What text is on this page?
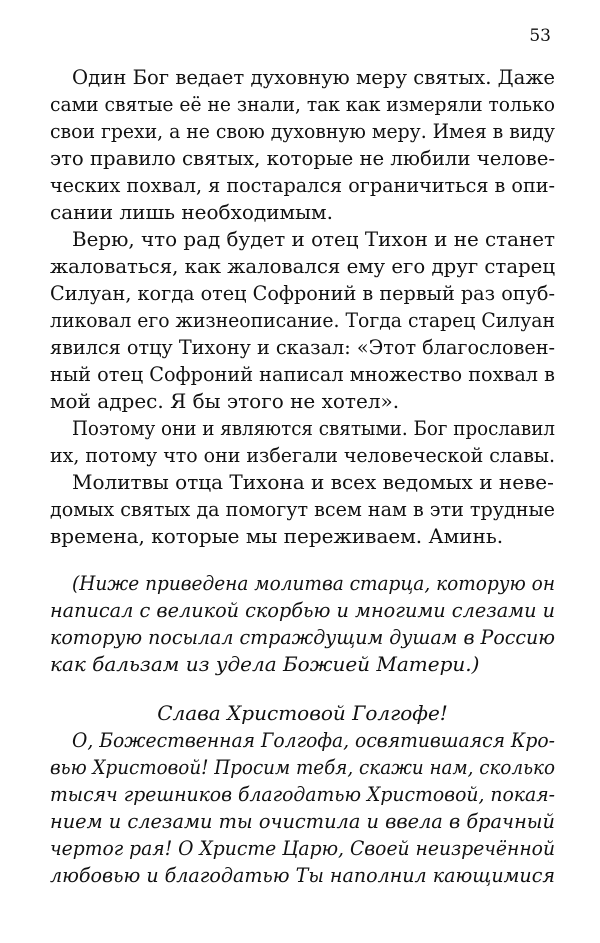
53
Один Бог ведает духовную меру святых. Даже
сами святые её не знали, так как измеряли только
свои грехи, а не свою духовную меру. Имея в виду
это правило святых, которые не любили челове-
ческих похвал, я постарался ограничиться в опи-
сании лишь необходимым.
Верю, что рад будет и отец Тихон и не станет
жаловаться, как жаловался ему его друг старец
Силуан, когда отец Софроний в первый раз опуб-
ликовал его жизнеописание. Тогда старец Силуан
явился отцу Тихону и сказал: «Этот благословен-
ный отец Софроний написал множество похвал в
мой адрес. Я бы этого не хотел».
Поэтому они и являются святыми. Бог прославил
их, потому что они избегали человеческой славы.
Молитвы отца Тихона и всех ведомых и неве-
домых святых да помогут всем нам в эти трудные
времена, которые мы переживаем. Аминь.
(Ниже приведена молитва старца, которую он
написал с великой скорбью и многими слезами и
которую посылал страждущим душам в Россию
как бальзам из удела Божией Матери.)
Слава Христовой Голгофе!
О, Божественная Голгофа, освятившаяся Кро-
вью Христовой! Просим тебя, скажи нам, сколько
тысяч грешников благодатью Христовой, покая-
нием и слезами ты очистила и ввела в брачный
чертог рая! О Христе Царю, Своей неизречённой
любовью и благодатью Ты наполнил кающимися
